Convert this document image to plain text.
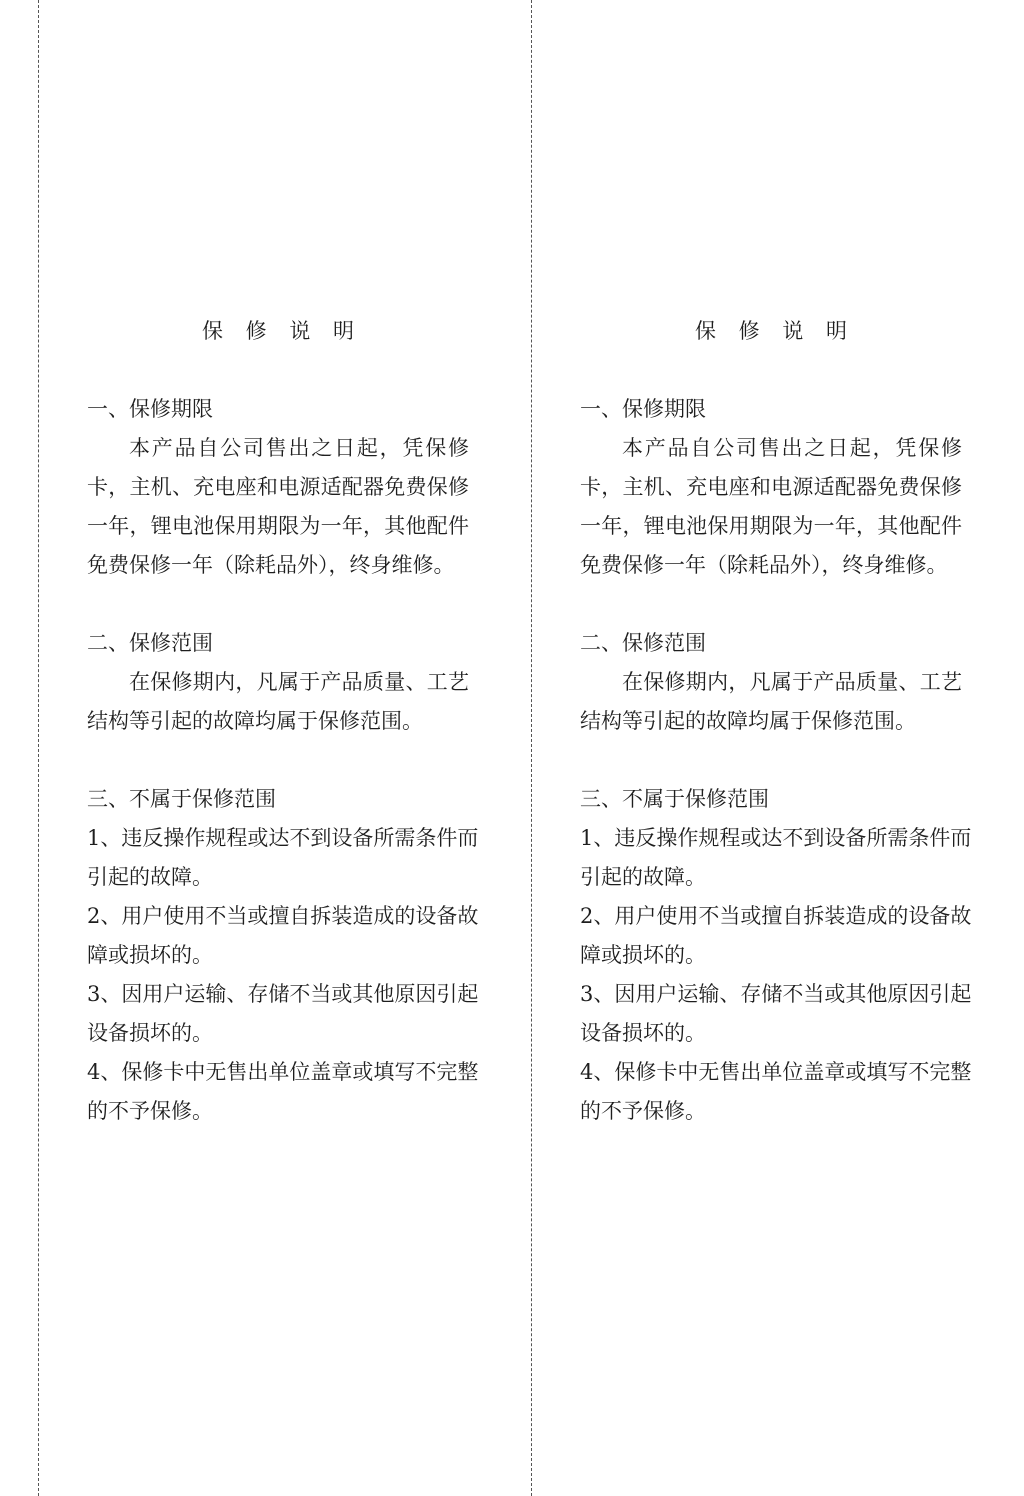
保 修 说 明

一、保修期限

本产品自公司售出之日起，凭保修卡，主机、充电座和电源适配器免费保修一年，锂电池保用期限为一年，其他配件免费保修一年（除耗品外），终身维修。

二、保修范围

在保修期内，凡属于产品质量、工艺结构等引起的故障均属于保修范围。

三、不属于保修范围

1、违反操作规程或达不到设备所需条件而引起的故障。

2、用户使用不当或擅自拆装造成的设备故障或损坏的。

3、因用户运输、存储不当或其他原因引起设备损坏的。

4、保修卡中无售出单位盖章或填写不完整的不予保修。

保 修 说 明

一、保修期限

本产品自公司售出之日起，凭保修卡，主机、充电座和电源适配器免费保修一年，锂电池保用期限为一年，其他配件免费保修一年（除耗品外），终身维修。

二、保修范围

在保修期内，凡属于产品质量、工艺结构等引起的故障均属于保修范围。

三、不属于保修范围

1、违反操作规程或达不到设备所需条件而引起的故障。

2、用户使用不当或擅自拆装造成的设备故障或损坏的。

3、因用户运输、存储不当或其他原因引起设备损坏的。

4、保修卡中无售出单位盖章或填写不完整的不予保修。
